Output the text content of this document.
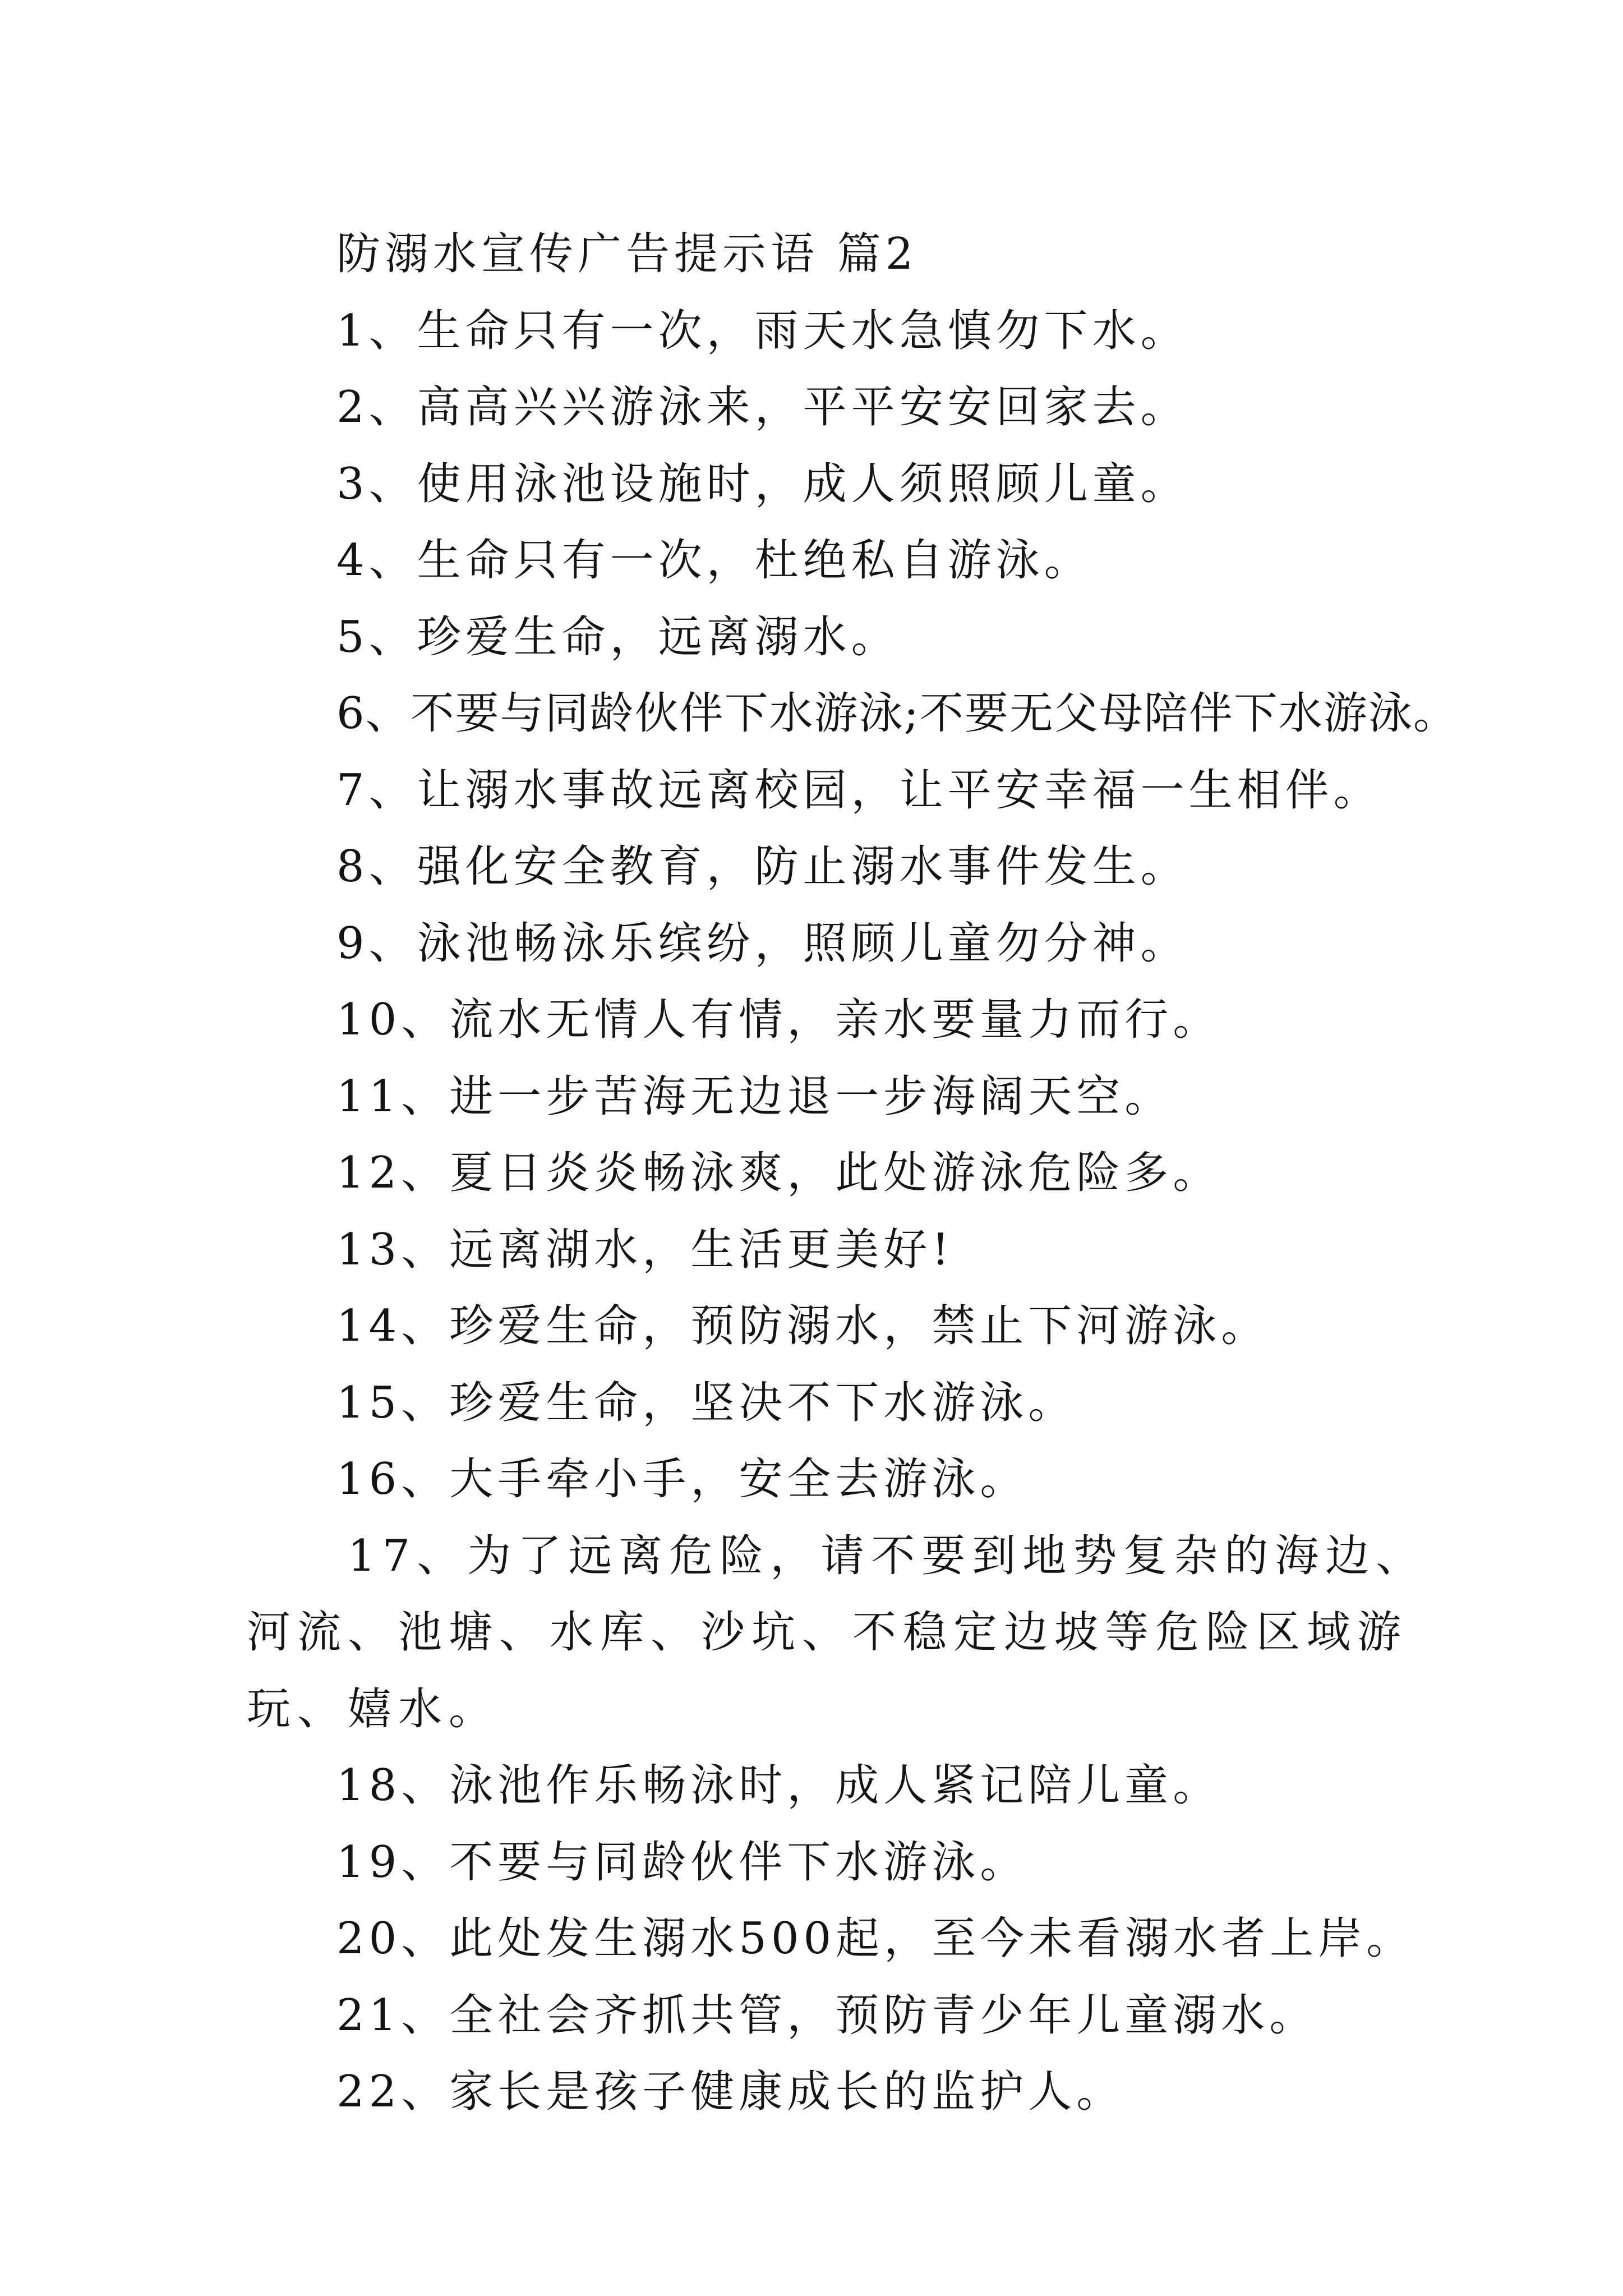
防溺水宣传广告提示语 篇2

1、生命只有一次，雨天水急慎勿下水。

2、高高兴兴游泳来，平平安安回家去。

3、使用泳池设施时，成人须照顾儿童。

4、生命只有一次，杜绝私自游泳。

5、珍爱生命，远离溺水。

6、不要与同龄伙伴下水游泳;不要无父母陪伴下水游泳。

7、让溺水事故远离校园，让平安幸福一生相伴。

8、强化安全教育，防止溺水事件发生。

9、泳池畅泳乐缤纷，照顾儿童勿分神。

10、流水无情人有情，亲水要量力而行。

11、进一步苦海无边退一步海阔天空。

12、夏日炎炎畅泳爽，此处游泳危险多。

13、远离湖水，生活更美好!

14、珍爱生命，预防溺水，禁止下河游泳。

15、珍爱生命，坚决不下水游泳。

16、大手牵小手，安全去游泳。

17、为了远离危险，请不要到地势复杂的海边、河流、池塘、水库、沙坑、不稳定边坡等危险区域游玩、嬉水。

18、泳池作乐畅泳时，成人紧记陪儿童。

19、不要与同龄伙伴下水游泳。

20、此处发生溺水500起，至今未看溺水者上岸。

21、全社会齐抓共管，预防青少年儿童溺水。

22、家长是孩子健康成长的监护人。
